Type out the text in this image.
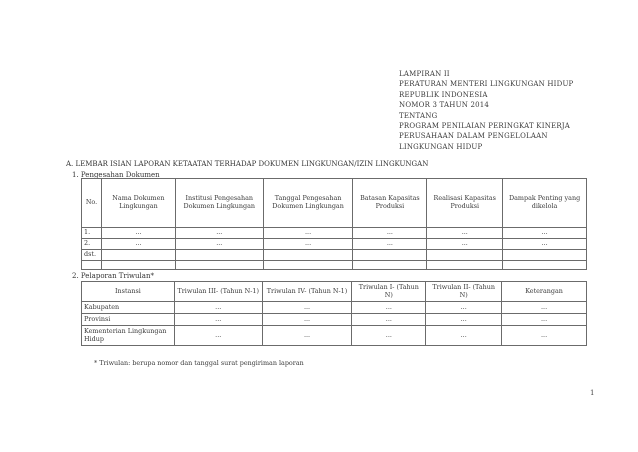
LAMPIRAN II
PERATURAN MENTERI LINGKUNGAN HIDUP
REPUBLIK INDONESIA
NOMOR 3 TAHUN 2014
TENTANG
PROGRAM PENILAIAN PERINGKAT KINERJA
PERUSAHAAN DALAM PENGELOLAAN
LINGKUNGAN HIDUP
A. LEMBAR ISIAN LAPORAN KETAATAN TERHADAP DOKUMEN LINGKUNGAN/IZIN LINGKUNGAN
1. Pengesahan Dokumen
No.	Nama Dokumen Lingkungan	Institusi Pengesahan Dokumen Lingkungan	Tanggal Pengesahan Dokumen Lingkungan	Batasan Kapasitas Produksi	Realisasi Kapasitas Produksi	Dampak Penting yang dikelola
1.	...	...	...	...	...	...
2.	...	...	...	...	...	...
dst.						

2. Pelaporan Triwulan*
Instansi	Triwulan III- (Tahun N-1)	Triwulan IV- (Tahun N-1)	Triwulan I- (Tahun N)	Triwulan II- (Tahun N)	Keterangan
Kabupaten	...	...	...	...	...
Provinsi	...	...	...	...	...
Kementerian Lingkungan Hidup	...	...	...	...	...
* Triwulan: berupa nomor dan tanggal surat pengiriman laporan
1
